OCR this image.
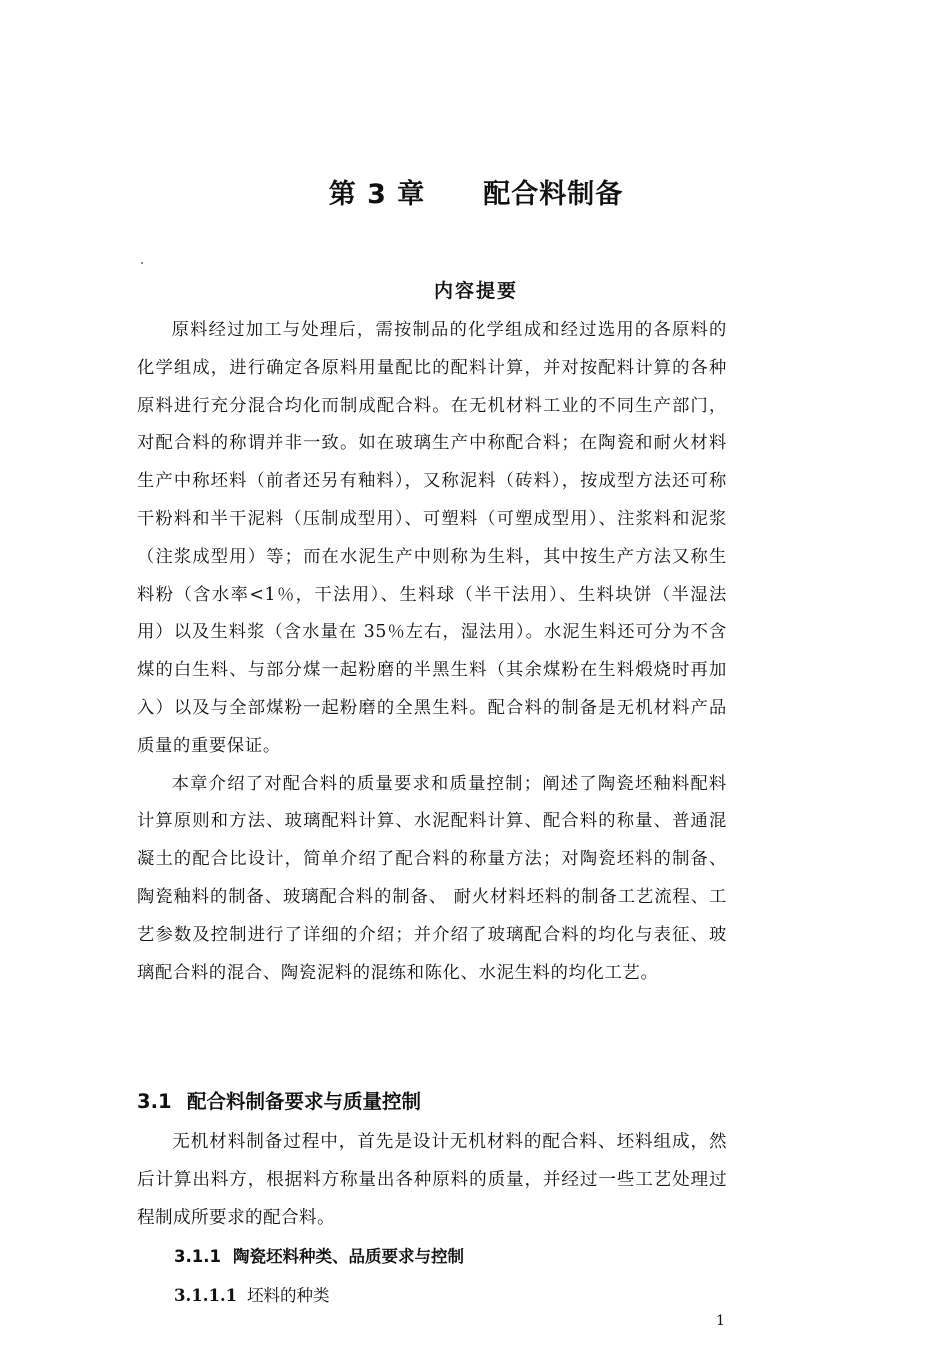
第 3 章 配合料制备
内容提要

原料经过加工与处理后，需按制品的化学组成和经过选用的各原料的化学组成，进行确定各原料用量配比的配料计算，并对按配料计算的各种原料进行充分混合均化而制成配合料。在无机材料工业的不同生产部门，对配合料的称谓并非一致。如在玻璃生产中称配合料；在陶瓷和耐火材料生产中称坯料（前者还另有釉料），又称泥料（砖料），按成型方法还可称干粉料和半干泥料（压制成型用）、可塑料（可塑成型用）、注浆料和泥浆（注浆成型用）等；而在水泥生产中则称为生料，其中按生产方法又称生料粉（含水率<1％，干法用）、生料球（半干法用）、生料块饼（半湿法用）以及生料浆（含水量在 35％左右，湿法用）。水泥生料还可分为不含煤的白生料、与部分煤一起粉磨的半黑生料（其余煤粉在生料煅烧时再加入）以及与全部煤粉一起粉磨的全黑生料。配合料的制备是无机材料产品质量的重要保证。

本章介绍了对配合料的质量要求和质量控制；阐述了陶瓷坯釉料配料计算原则和方法、玻璃配料计算、水泥配料计算、配合料的称量、普通混凝土的配合比设计，简单介绍了配合料的称量方法；对陶瓷坯料的制备、陶瓷釉料的制备、玻璃配合料的制备、 耐火材料坯料的制备工艺流程、工艺参数及控制进行了详细的介绍；并介绍了玻璃配合料的均化与表征、玻璃配合料的混合、陶瓷泥料的混练和陈化、水泥生料的均化工艺。

3.1 配合料制备要求与质量控制

无机材料制备过程中，首先是设计无机材料的配合料、坯料组成，然后计算出料方，根据料方称量出各种原料的质量，并经过一些工艺处理过程制成所要求的配合料。

3.1.1 陶瓷坯料种类、品质要求与控制
3.1.1.1 坯料的种类
1
